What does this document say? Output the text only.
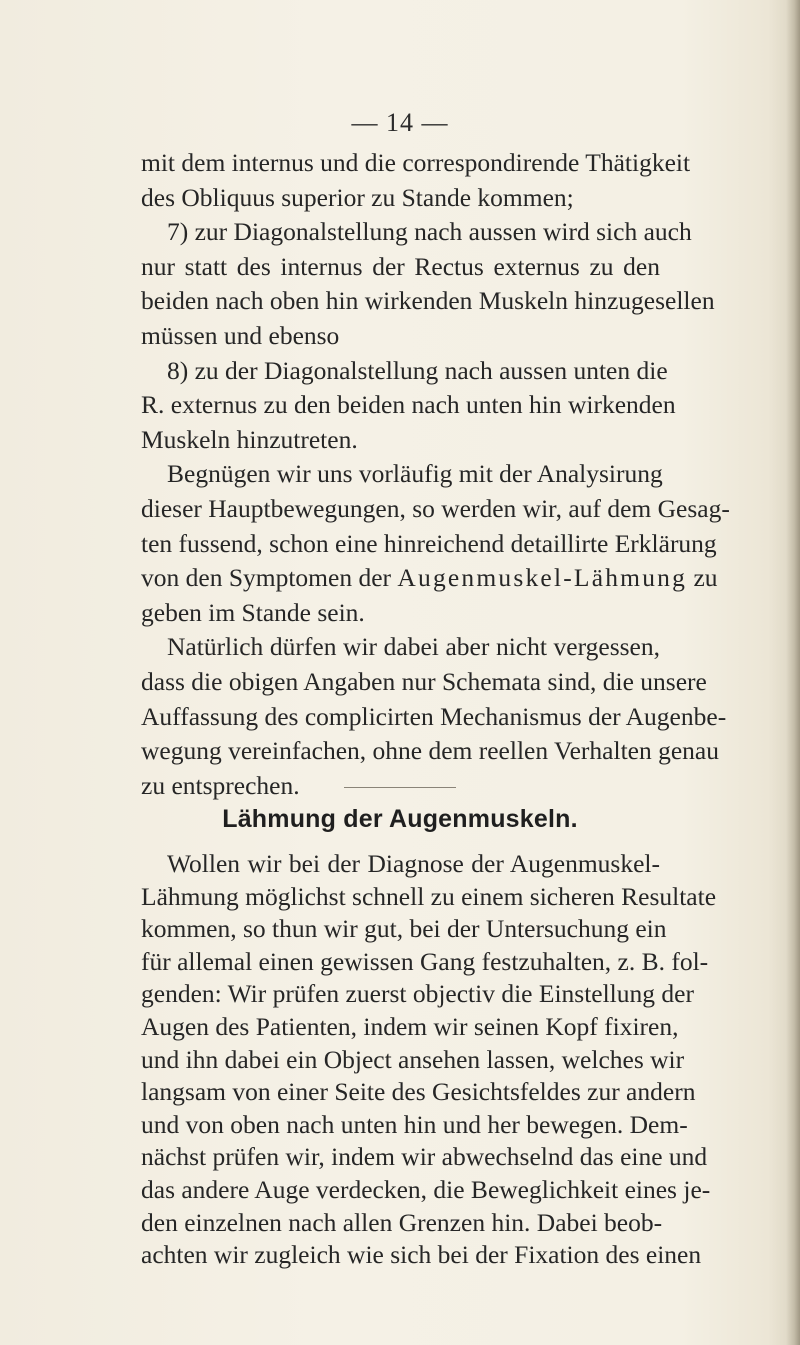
— 14 —
mit dem internus und die correspondirende Thätigkeit
des Obliquus superior zu Stande kommen;
7) zur Diagonalstellung nach aussen wird sich auch
nur statt des internus der Rectus externus zu den
beiden nach oben hin wirkenden Muskeln hinzugesellen
müssen und ebenso
8) zu der Diagonalstellung nach aussen unten die
R. externus zu den beiden nach unten hin wirkenden
Muskeln hinzutreten.
Begnügen wir uns vorläufig mit der Analysirung
dieser Hauptbewegungen, so werden wir, auf dem Gesag-
ten fussend, schon eine hinreichend detaillirte Erklärung
von den Symptomen der Augenmuskel-Lähmung zu
geben im Stande sein.
Natürlich dürfen wir dabei aber nicht vergessen,
dass die obigen Angaben nur Schemata sind, die unsere
Auffassung des complicirten Mechanismus der Augenbe-
wegung vereinfachen, ohne dem reellen Verhalten genau
zu entsprechen.
Lähmung der Augenmuskeln.
Wollen wir bei der Diagnose der Augenmuskel-
Lähmung möglichst schnell zu einem sicheren Resultate
kommen, so thun wir gut, bei der Untersuchung ein
für allemal einen gewissen Gang festzuhalten, z. B. fol-
genden: Wir prüfen zuerst objectiv die Einstellung der
Augen des Patienten, indem wir seinen Kopf fixiren,
und ihn dabei ein Object ansehen lassen, welches wir
langsam von einer Seite des Gesichtsfeldes zur andern
und von oben nach unten hin und her bewegen. Dem-
nächst prüfen wir, indem wir abwechselnd das eine und
das andere Auge verdecken, die Beweglichkeit eines je-
den einzelnen nach allen Grenzen hin. Dabei beob-
achten wir zugleich wie sich bei der Fixation des einen
